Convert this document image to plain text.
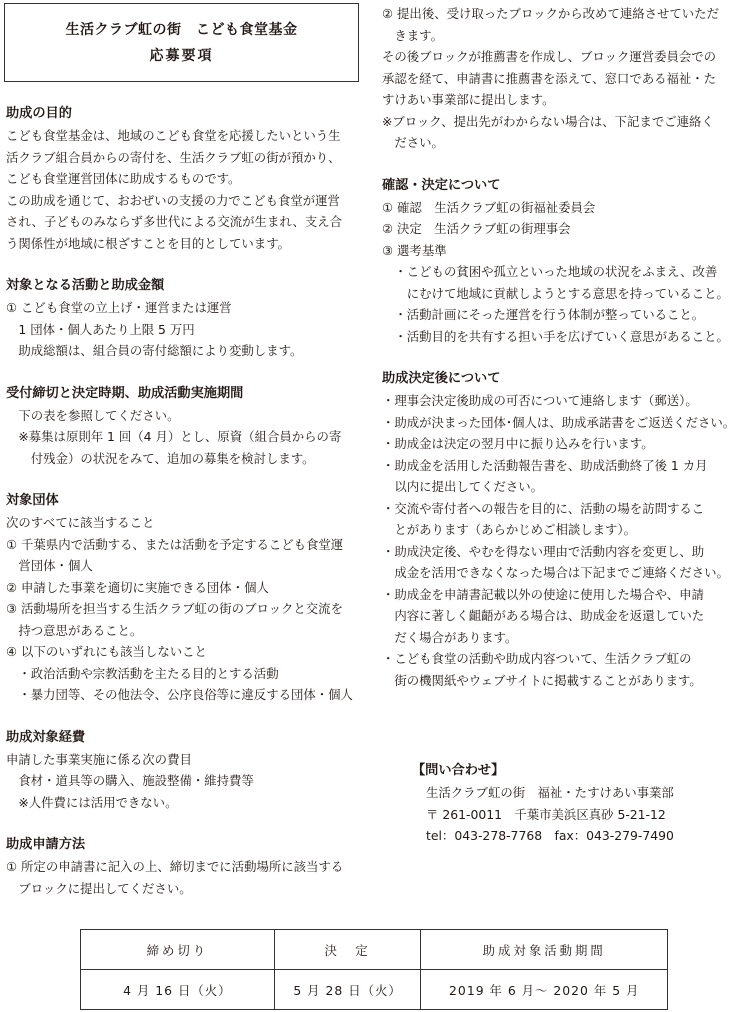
生活クラブ虹の街　こども食堂基金
応募要項
助成の目的
こども食堂基金は、地域のこども食堂を応援したいという生
活クラブ組合員からの寄付を、生活クラブ虹の街が預かり、
こども食堂運営団体に助成するものです。
この助成を通じて、おおぜいの支援の力でこども食堂が運営
され、子どものみならず多世代による交流が生まれ、支え合
う関係性が地域に根ざすことを目的としています。
対象となる活動と助成金額
① こども食堂の立上げ・運営または運営
　1 団体・個人あたり上限 5 万円
　助成総額は、組合員の寄付総額により変動します。
受付締切と決定時期、助成活動実施期間
　下の表を参照してください。
　※募集は原則年 1 回（4 月）とし、原資（組合員からの寄
　　付残金）の状況をみて、追加の募集を検討します。
対象団体
次のすべてに該当すること
① 千葉県内で活動する、または活動を予定するこども食堂運
　営団体・個人
② 申請した事業を適切に実施できる団体・個人
③ 活動場所を担当する生活クラブ虹の街のブロックと交流を
　持つ意思があること。
④ 以下のいずれにも該当しないこと
　・政治活動や宗教活動を主たる目的とする活動
　・暴力団等、その他法令、公序良俗等に違反する団体・個人
助成対象経費
申請した事業実施に係る次の費目
　食材・道具等の購入、施設整備・維持費等
　※人件費には活用できない。
助成申請方法
① 所定の申請書に記入の上、締切までに活動場所に該当する
　ブロックに提出してください。
② 提出後、受け取ったブロックから改めて連絡させていただ
　きます。
その後ブロックが推薦書を作成し、ブロック運営委員会での
承認を経て、申請書に推薦書を添えて、窓口である福祉・た
すけあい事業部に提出します。
※ブロック、提出先がわからない場合は、下記までご連絡く
　ださい。
確認・決定について
① 確認　生活クラブ虹の街福祉委員会
② 決定　生活クラブ虹の街理事会
③ 選考基準
　・こどもの貧困や孤立といった地域の状況をふまえ、改善
　　にむけて地域に貢献しようとする意思を持っていること。
　・活動計画にそった運営を行う体制が整っていること。
　・活動目的を共有する担い手を広げていく意思があること。
助成決定後について
・理事会決定後助成の可否について連絡します（郵送）。
・助成が決まった団体･個人は、助成承諾書をご返送ください。
・助成金は決定の翌月中に振り込みを行います。
・助成金を活用した活動報告書を、助成活動終了後 1 カ月
　以内に提出してください。
・交流や寄付者への報告を目的に、活動の場を訪問するこ
　とがあります（あらかじめご相談します）。
・助成決定後、やむを得ない理由で活動内容を変更し、助
　成金を活用できなくなった場合は下記までご連絡ください。
・助成金を申請書記載以外の使途に使用した場合や、申請
　内容に著しく齟齬がある場合は、助成金を返還していた
　だく場合があります。
・こども食堂の活動や助成内容ついて、生活クラブ虹の
　街の機関紙やウェブサイトに掲載することがあります。
【問い合わせ】
生活クラブ虹の街　福祉・たすけあい事業部
〒 261-0011　千葉市美浜区真砂 5-21-12
tel：043-278-7768　fax：043-279-7490
締め切り	決　定	助成対象活動期間
4 月 16 日（火）	5 月 28 日（火）	2019 年 6 月～ 2020 年 5 月
